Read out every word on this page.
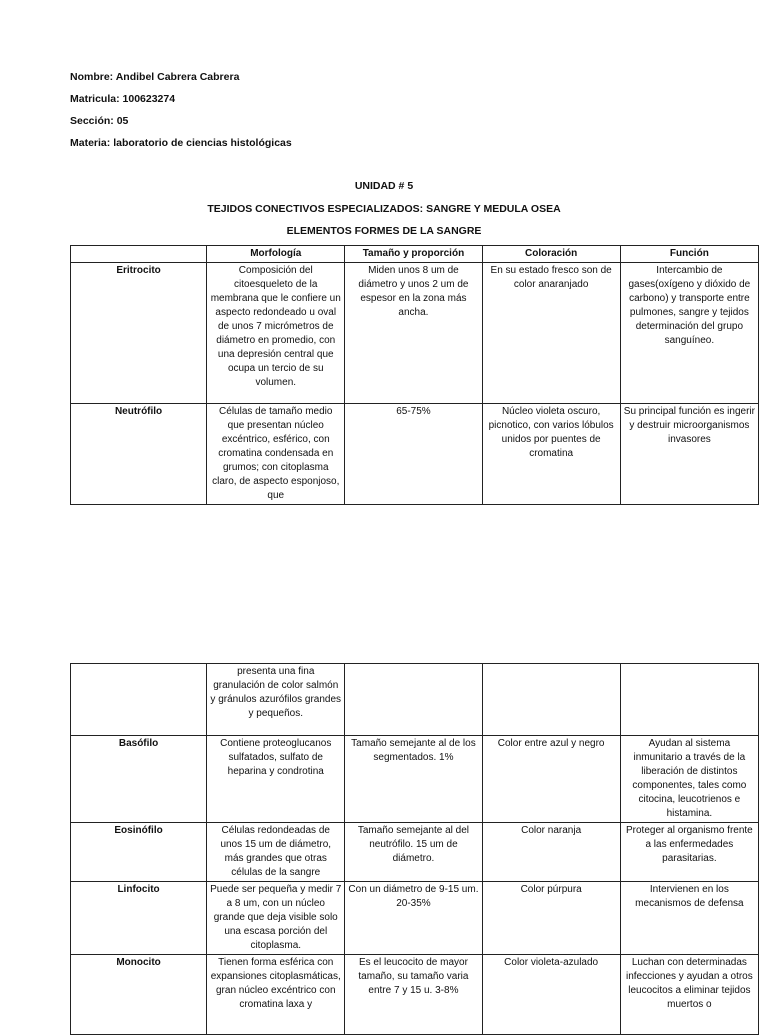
Nombre: Andibel Cabrera Cabrera
Matricula: 100623274
Sección: 05
Materia: laboratorio de ciencias histológicas
UNIDAD # 5
TEJIDOS CONECTIVOS ESPECIALIZADOS: SANGRE Y MEDULA OSEA
ELEMENTOS FORMES DE LA SANGRE
	Morfología	Tamaño y proporción	Coloración	Función
Eritrocito	Composición del citoesqueleto de la membrana que le confiere un aspecto redondeado u oval de unos 7 micrómetros de diámetro en promedio, con una depresión central que ocupa un tercio de su volumen.	Miden unos 8 um de diámetro y unos 2 um de espesor en la zona más ancha.	En su estado fresco son de color anaranjado	Intercambio de gases(oxígeno y dióxido de carbono) y transporte entre pulmones, sangre y tejidos determinación del grupo sanguíneo.
Neutrófilo	Células de tamaño medio que presentan núcleo excéntrico, esférico, con cromatina condensada en grumos; con citoplasma claro, de aspecto esponjoso, que	65-75%	Núcleo violeta oscuro, picnotico, con varios lóbulos unidos por puentes de cromatina	Su principal función es ingerir y destruir microorganismos invasores
	presenta una fina granulación de color salmón y gránulos azurófilos grandes y pequeños.			
Basófilo	Contiene proteoglucanos sulfatados, sulfato de heparina y condrotina	Tamaño semejante al de los segmentados. 1%	Color entre azul y negro	Ayudan al sistema inmunitario a través de la liberación de distintos componentes, tales como citocina, leucotrienos e histamina.
Eosinófilo	Células redondeadas de unos 15 um de diámetro, más grandes que otras células de la sangre	Tamaño semejante al del neutrófilo. 15 um de diámetro.	Color naranja	Proteger al organismo frente a las enfermedades parasitarias.
Linfocito	Puede ser pequeña y medir 7 a 8 um, con un núcleo grande que deja visible solo una escasa porción del citoplasma.	Con un diámetro de 9-15 um. 20-35%	Color púrpura	Intervienen en los mecanismos de defensa
Monocito	Tienen forma esférica con expansiones citoplasmáticas, gran núcleo excéntrico con cromatina laxa y	Es el leucocito de mayor tamaño, su tamaño varia entre 7 y 15 u. 3-8%	Color violeta-azulado	Luchan con determinadas infecciones y ayudan a otros leucocitos a eliminar tejidos muertos o
